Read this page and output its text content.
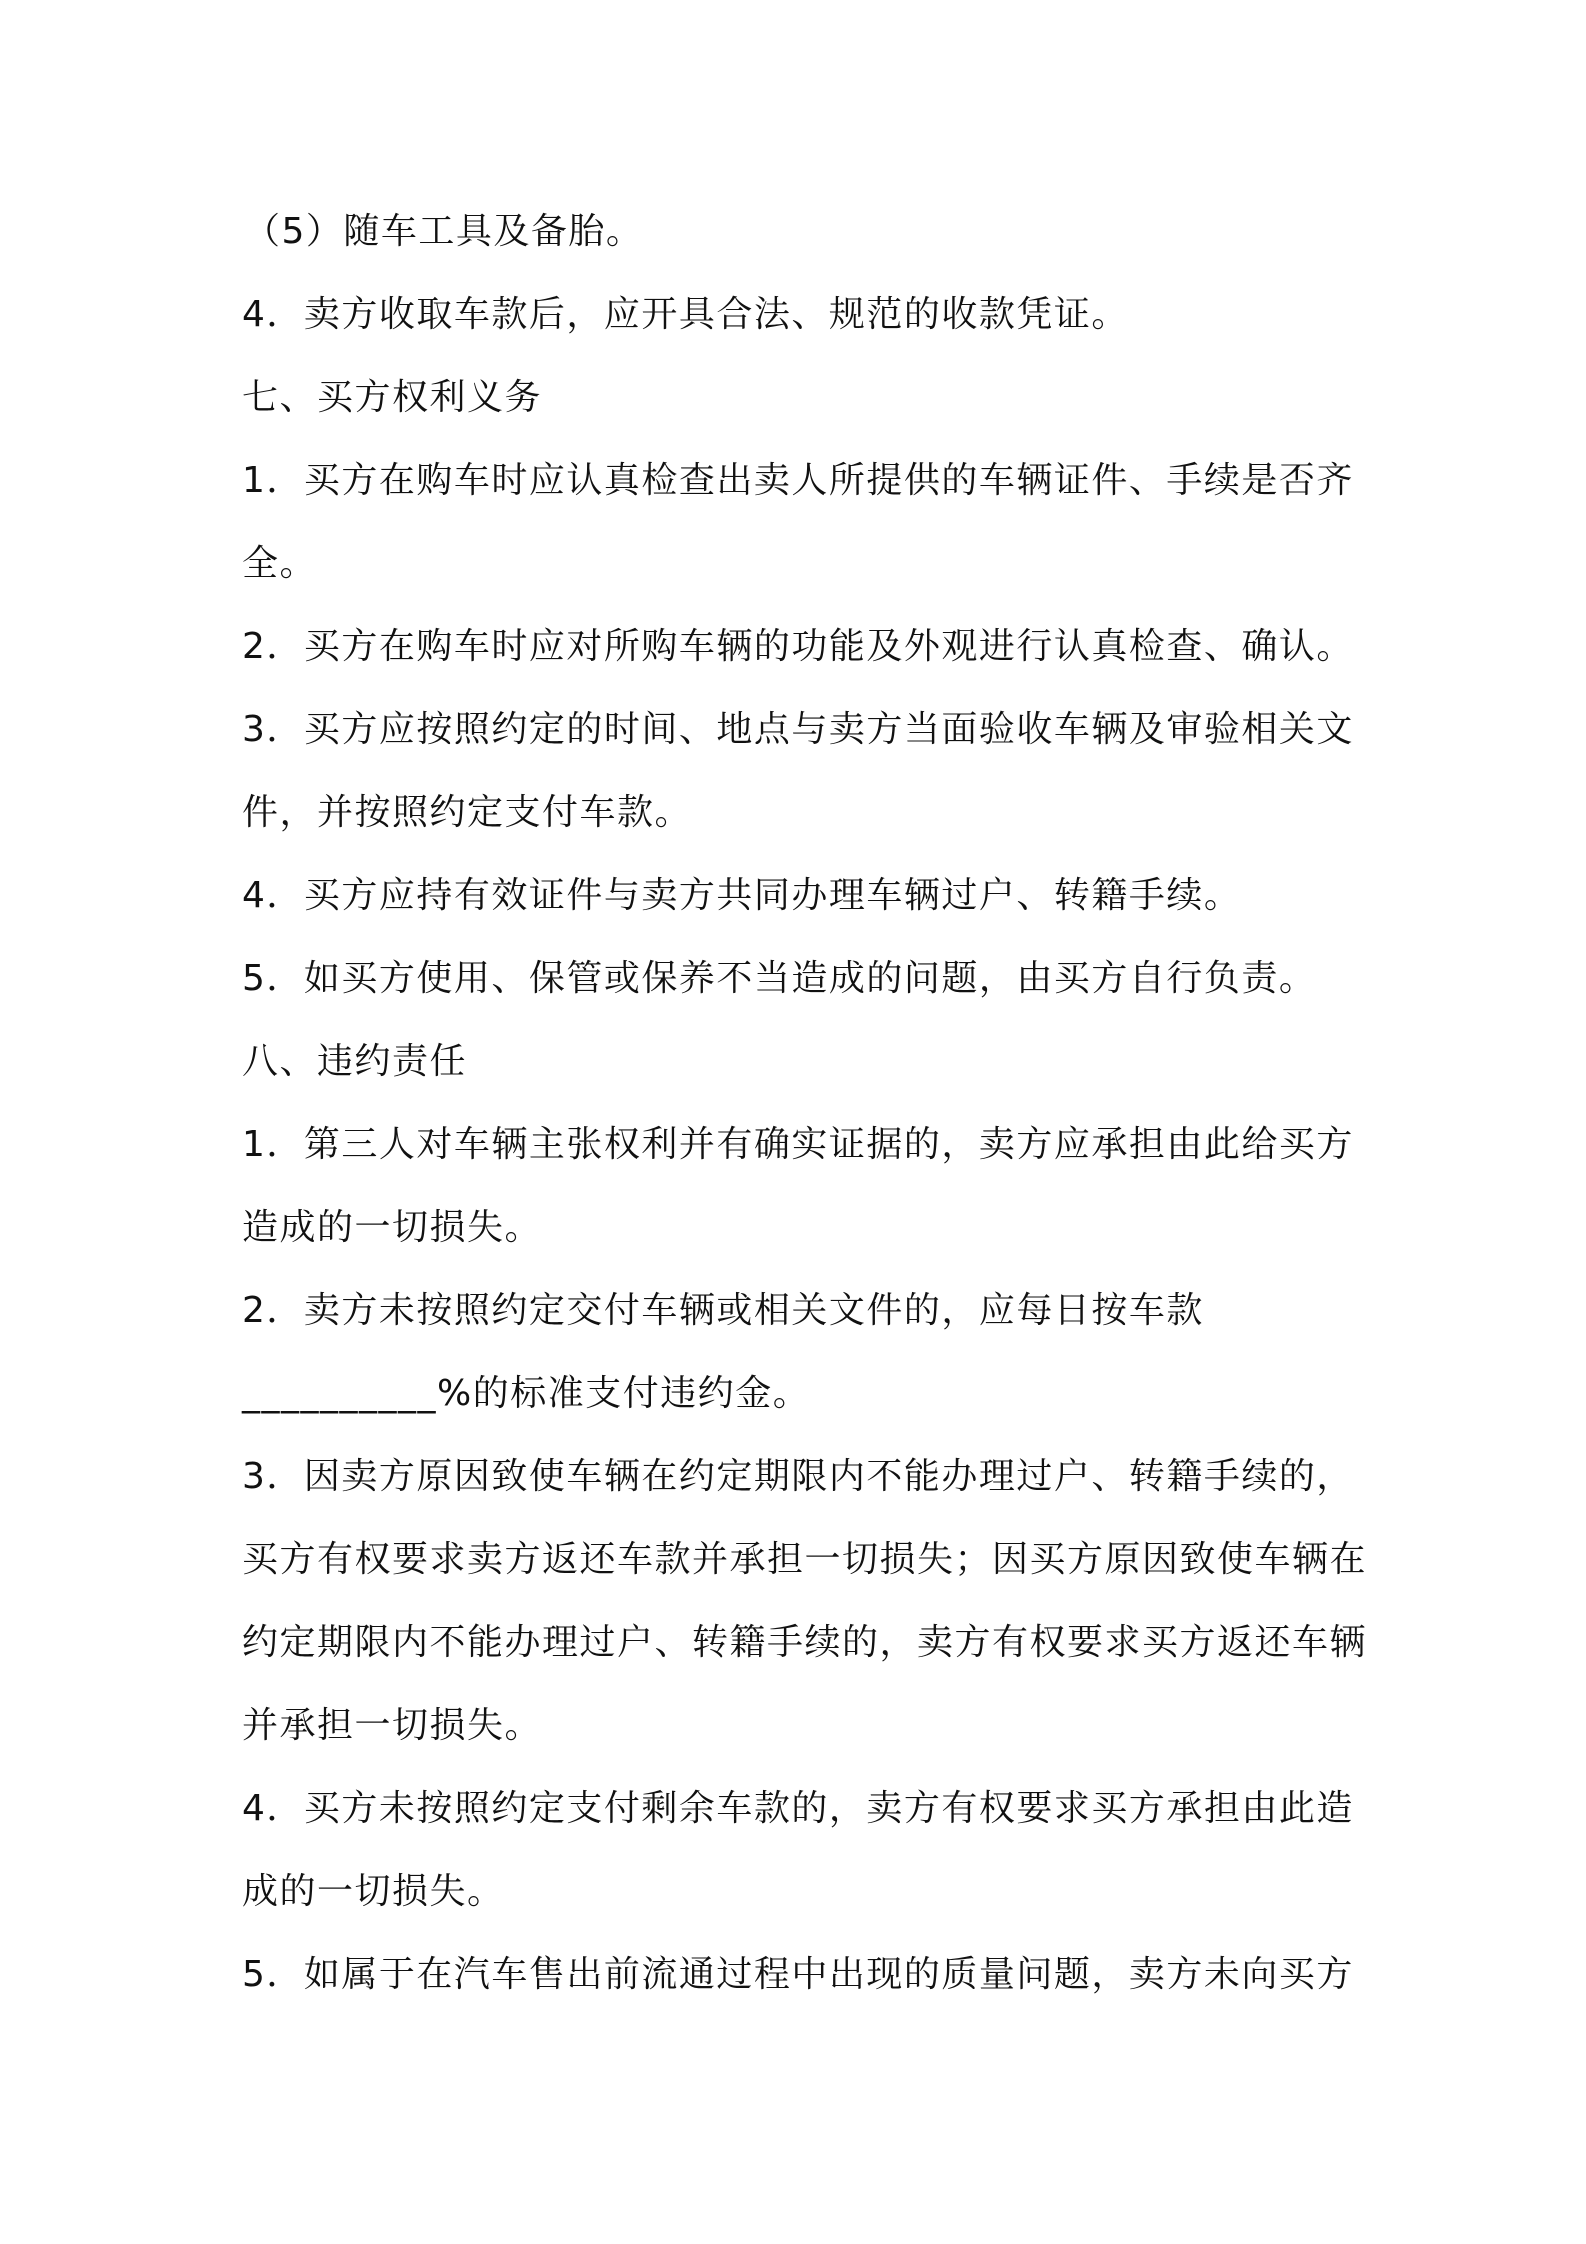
（5）随车工具及备胎。

4．卖方收取车款后，应开具合法、规范的收款凭证。

七、买方权利义务

1．买方在购车时应认真检查出卖人所提供的车辆证件、手续是否齐

全。

2．买方在购车时应对所购车辆的功能及外观进行认真检查、确认。

3．买方应按照约定的时间、地点与卖方当面验收车辆及审验相关文

件，并按照约定支付车款。

4．买方应持有效证件与卖方共同办理车辆过户、转籍手续。

5．如买方使用、保管或保养不当造成的问题，由买方自行负责。

八、违约责任

1．第三人对车辆主张权利并有确实证据的，卖方应承担由此给买方

造成的一切损失。

2．卖方未按照约定交付车辆或相关文件的，应每日按车款

__________%的标准支付违约金。

3．因卖方原因致使车辆在约定期限内不能办理过户、转籍手续的，

买方有权要求卖方返还车款并承担一切损失；因买方原因致使车辆在

约定期限内不能办理过户、转籍手续的，卖方有权要求买方返还车辆

并承担一切损失。

4．买方未按照约定支付剩余车款的，卖方有权要求买方承担由此造

成的一切损失。

5．如属于在汽车售出前流通过程中出现的质量问题，卖方未向买方
